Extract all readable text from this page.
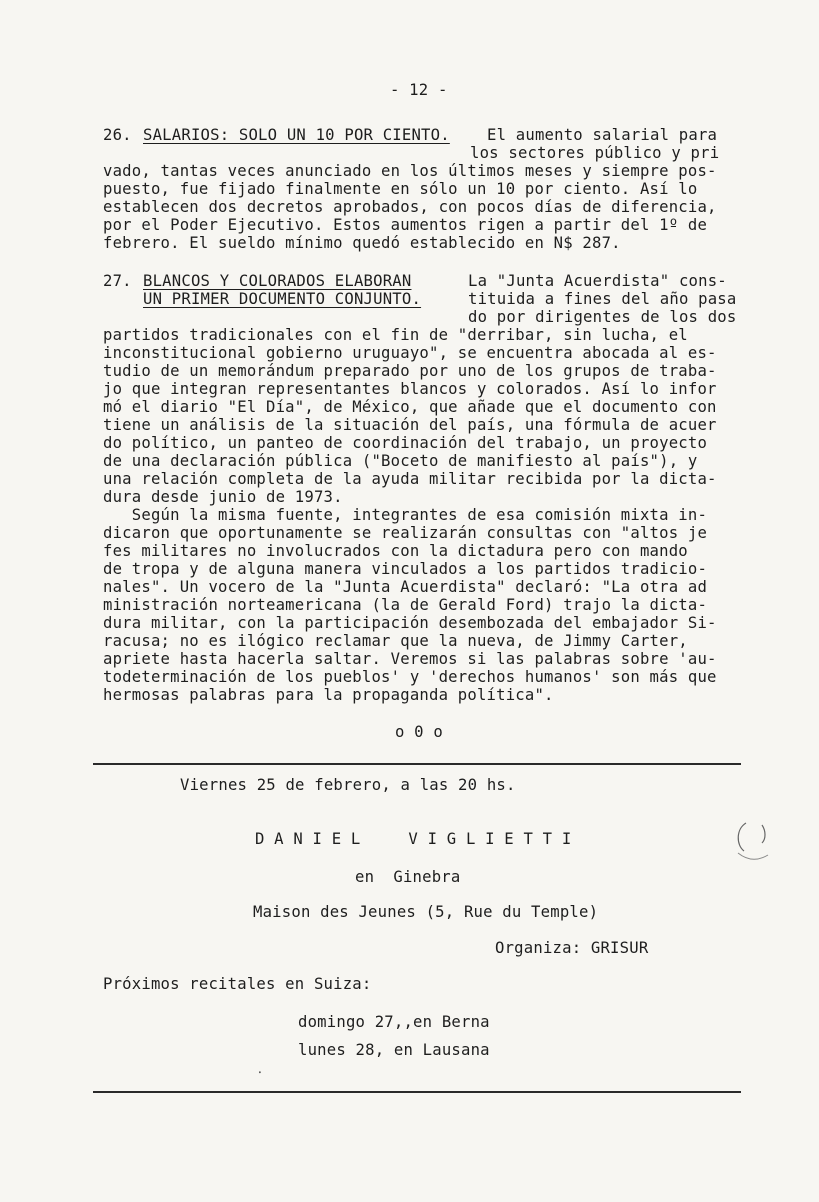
- 12 -
26. SALARIOS: SOLO UN 10 POR CIENTO. El aumento salarial para
los sectores público y pri
vado, tantas veces anunciado en los últimos meses y siempre pos-
puesto, fue fijado finalmente en sólo un 10 por ciento. Así lo
establecen dos decretos aprobados, con pocos días de diferencia,
por el Poder Ejecutivo. Estos aumentos rigen a partir del 1º de
febrero. El sueldo mínimo quedó establecido en N$ 287.
27. BLANCOS Y COLORADOS ELABORAN
UN PRIMER DOCUMENTO CONJUNTO.
La "Junta Acuerdista" cons-
tituida a fines del año pasa
do por dirigentes de los dos
partidos tradicionales con el fin de "derribar, sin lucha, el
inconstitucional gobierno uruguayo", se encuentra abocada al es-
tudio de un memorándum preparado por uno de los grupos de traba-
jo que integran representantes blancos y colorados. Así lo infor
mó el diario "El Día", de México, que añade que el documento con
tiene un análisis de la situación del país, una fórmula de acuer
do político, un panteo de coordinación del trabajo, un proyecto
de una declaración pública ("Boceto de manifiesto al país"), y
una relación completa de la ayuda militar recibida por la dicta-
dura desde junio de 1973.
Según la misma fuente, integrantes de esa comisión mixta in-
dicaron que oportunamente se realizarán consultas con "altos je
fes militares no involucrados con la dictadura pero con mando
de tropa y de alguna manera vinculados a los partidos tradicio-
nales". Un vocero de la "Junta Acuerdista" declaró: "La otra ad
ministración norteamericana (la de Gerald Ford) trajo la dicta-
dura militar, con la participación desembozada del embajador Si-
racusa; no es ilógico reclamar que la nueva, de Jimmy Carter,
apriete hasta hacerla saltar. Veremos si las palabras sobre 'au-
todeterminación de los pueblos' y 'derechos humanos' son más que
hermosas palabras para la propaganda política".
o 0 o
Viernes 25 de febrero, a las 20 hs.
D A N I E L     V I G L I E T T I
en  Ginebra
Maison des Jeunes (5, Rue du Temple)
Organiza: GRISUR
Próximos recitales en Suiza:
domingo 27,,en Berna
lunes 28, en Lausana
⸱
